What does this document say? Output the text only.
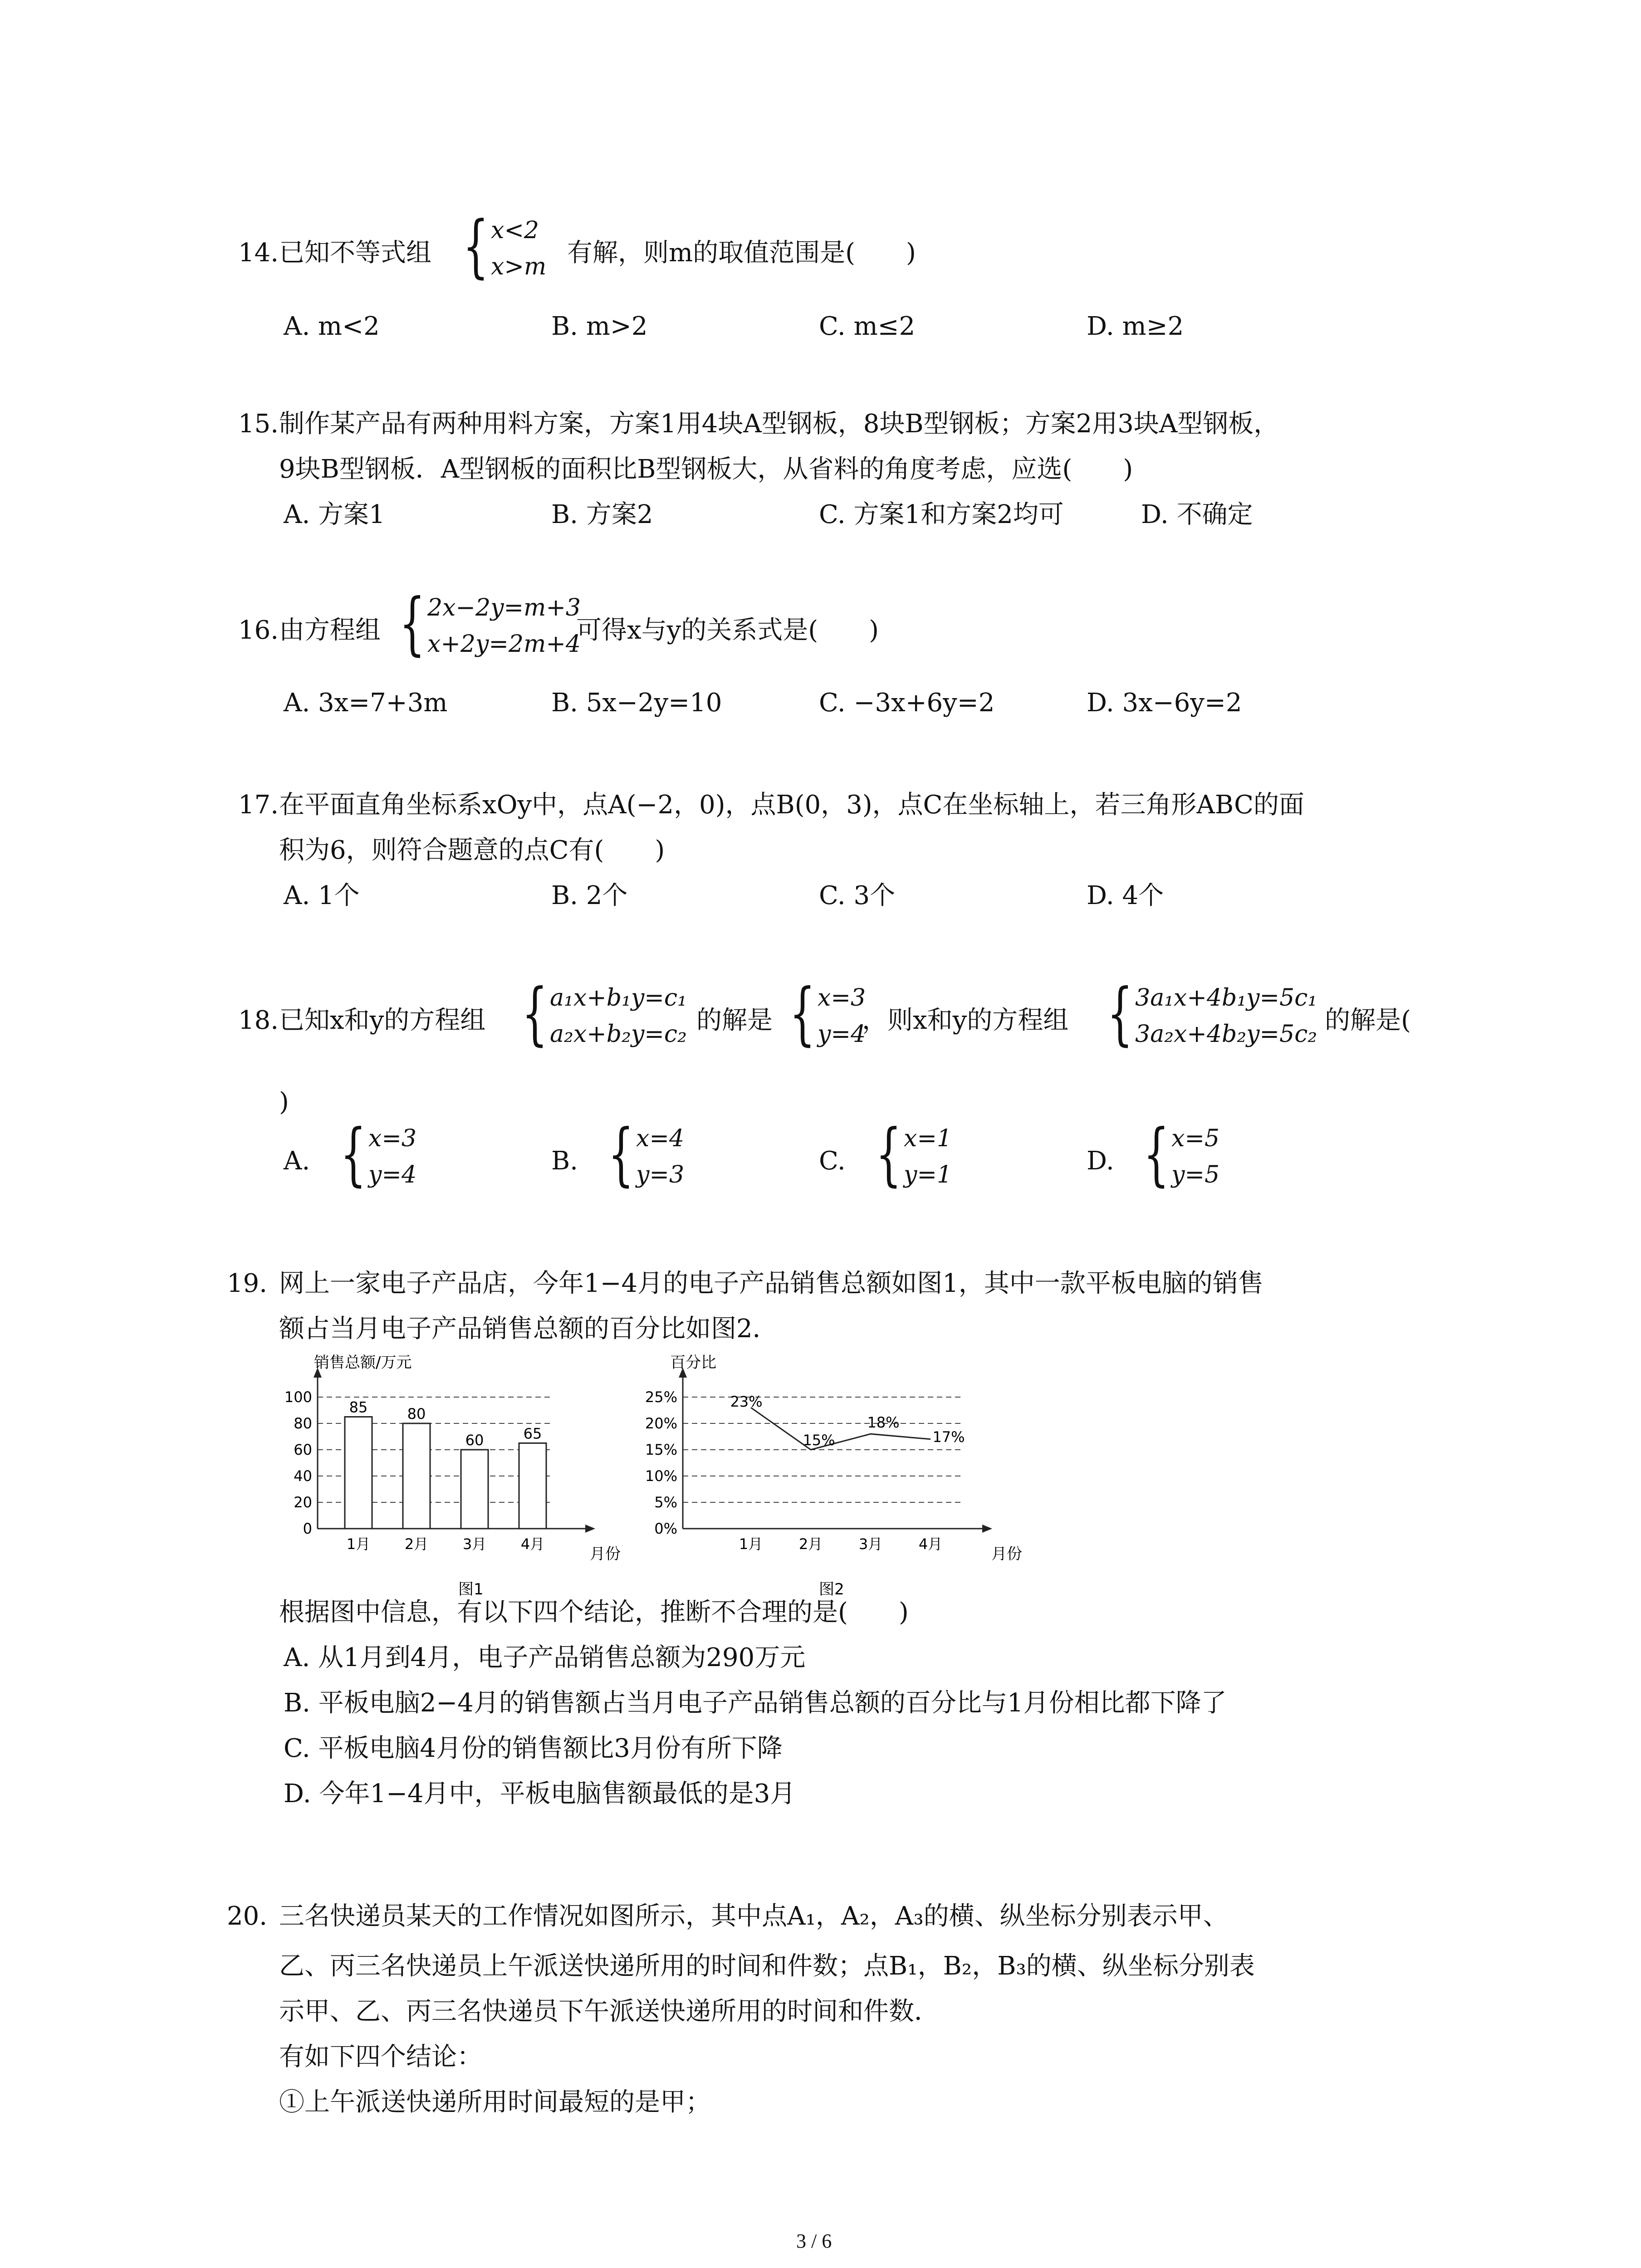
14. 已知不等式组 { x<2
x>m 有解，则m的取值范围是(　　)
A. m<2	B. m>2	C. m≤2	D. m≥2
15. 制作某产品有两种用料方案，方案1用4块A型钢板，8块B型钢板；方案2用3块A型钢板，
9块B型钢板．A型钢板的面积比B型钢板大，从省料的角度考虑，应选(　　)
A. 方案1	B. 方案2	C. 方案1和方案2均可	D. 不确定
16. 由方程组 { 2x−2y=m+3
x+2y=2m+4
可得x与y的关系式是(　　)
A. 3x=7+3m	B. 5x−2y=10	C. −3x+6y=2	D. 3x−6y=2
17. 在平面直角坐标系xOy中，点A(−2，0)，点B(0，3)，点C在坐标轴上，若三角形ABC的面
积为6，则符合题意的点C有(　　)
A. 1个	B. 2个	C. 3个	D. 4个
18. 已知x和y的方程组 { a₁x+b₁y=c₁
a₂x+b₂y=c₂ 的解是 { x=3
y=4
，则x和y的方程组 { 3a₁x+4b₁y=5c₁
3a₂x+4b₂y=5c₂ 的解是(
)
A. { x=3
y=4	B. { x=4
y=3	C. { x=1
y=1	D. { x=5
y=5
19. 网上一家电子产品店，今年1−4月的电子产品销售总额如图1，其中一款平板电脑的销售
额占当月电子产品销售总额的百分比如图2．
85	80
60	65
0
20
40
60
80
100
1月 2月 3月 4月
销售总额/万元
月份
图1
23%
15%
18%
17%
0%
5%
10%
15%
20%
25%
1月 2月 3月 4月
百分比
月份
图2
根据图中信息，有以下四个结论，推断不合理的是(　　)
A. 从1月到4月，电子产品销售总额为290万元
B. 平板电脑2−4月的销售额占当月电子产品销售总额的百分比与1月份相比都下降了
C. 平板电脑4月份的销售额比3月份有所下降
D. 今年1−4月中，平板电脑售额最低的是3月
20. 三名快递员某天的工作情况如图所示，其中点A₁，A₂，A₃的横、纵坐标分别表示甲、
乙、丙三名快递员上午派送快递所用的时间和件数；点B₁，B₂，B₃的横、纵坐标分别表
示甲、乙、丙三名快递员下午派送快递所用的时间和件数．
有如下四个结论：
①上午派送快递所用时间最短的是甲；
3 / 6
